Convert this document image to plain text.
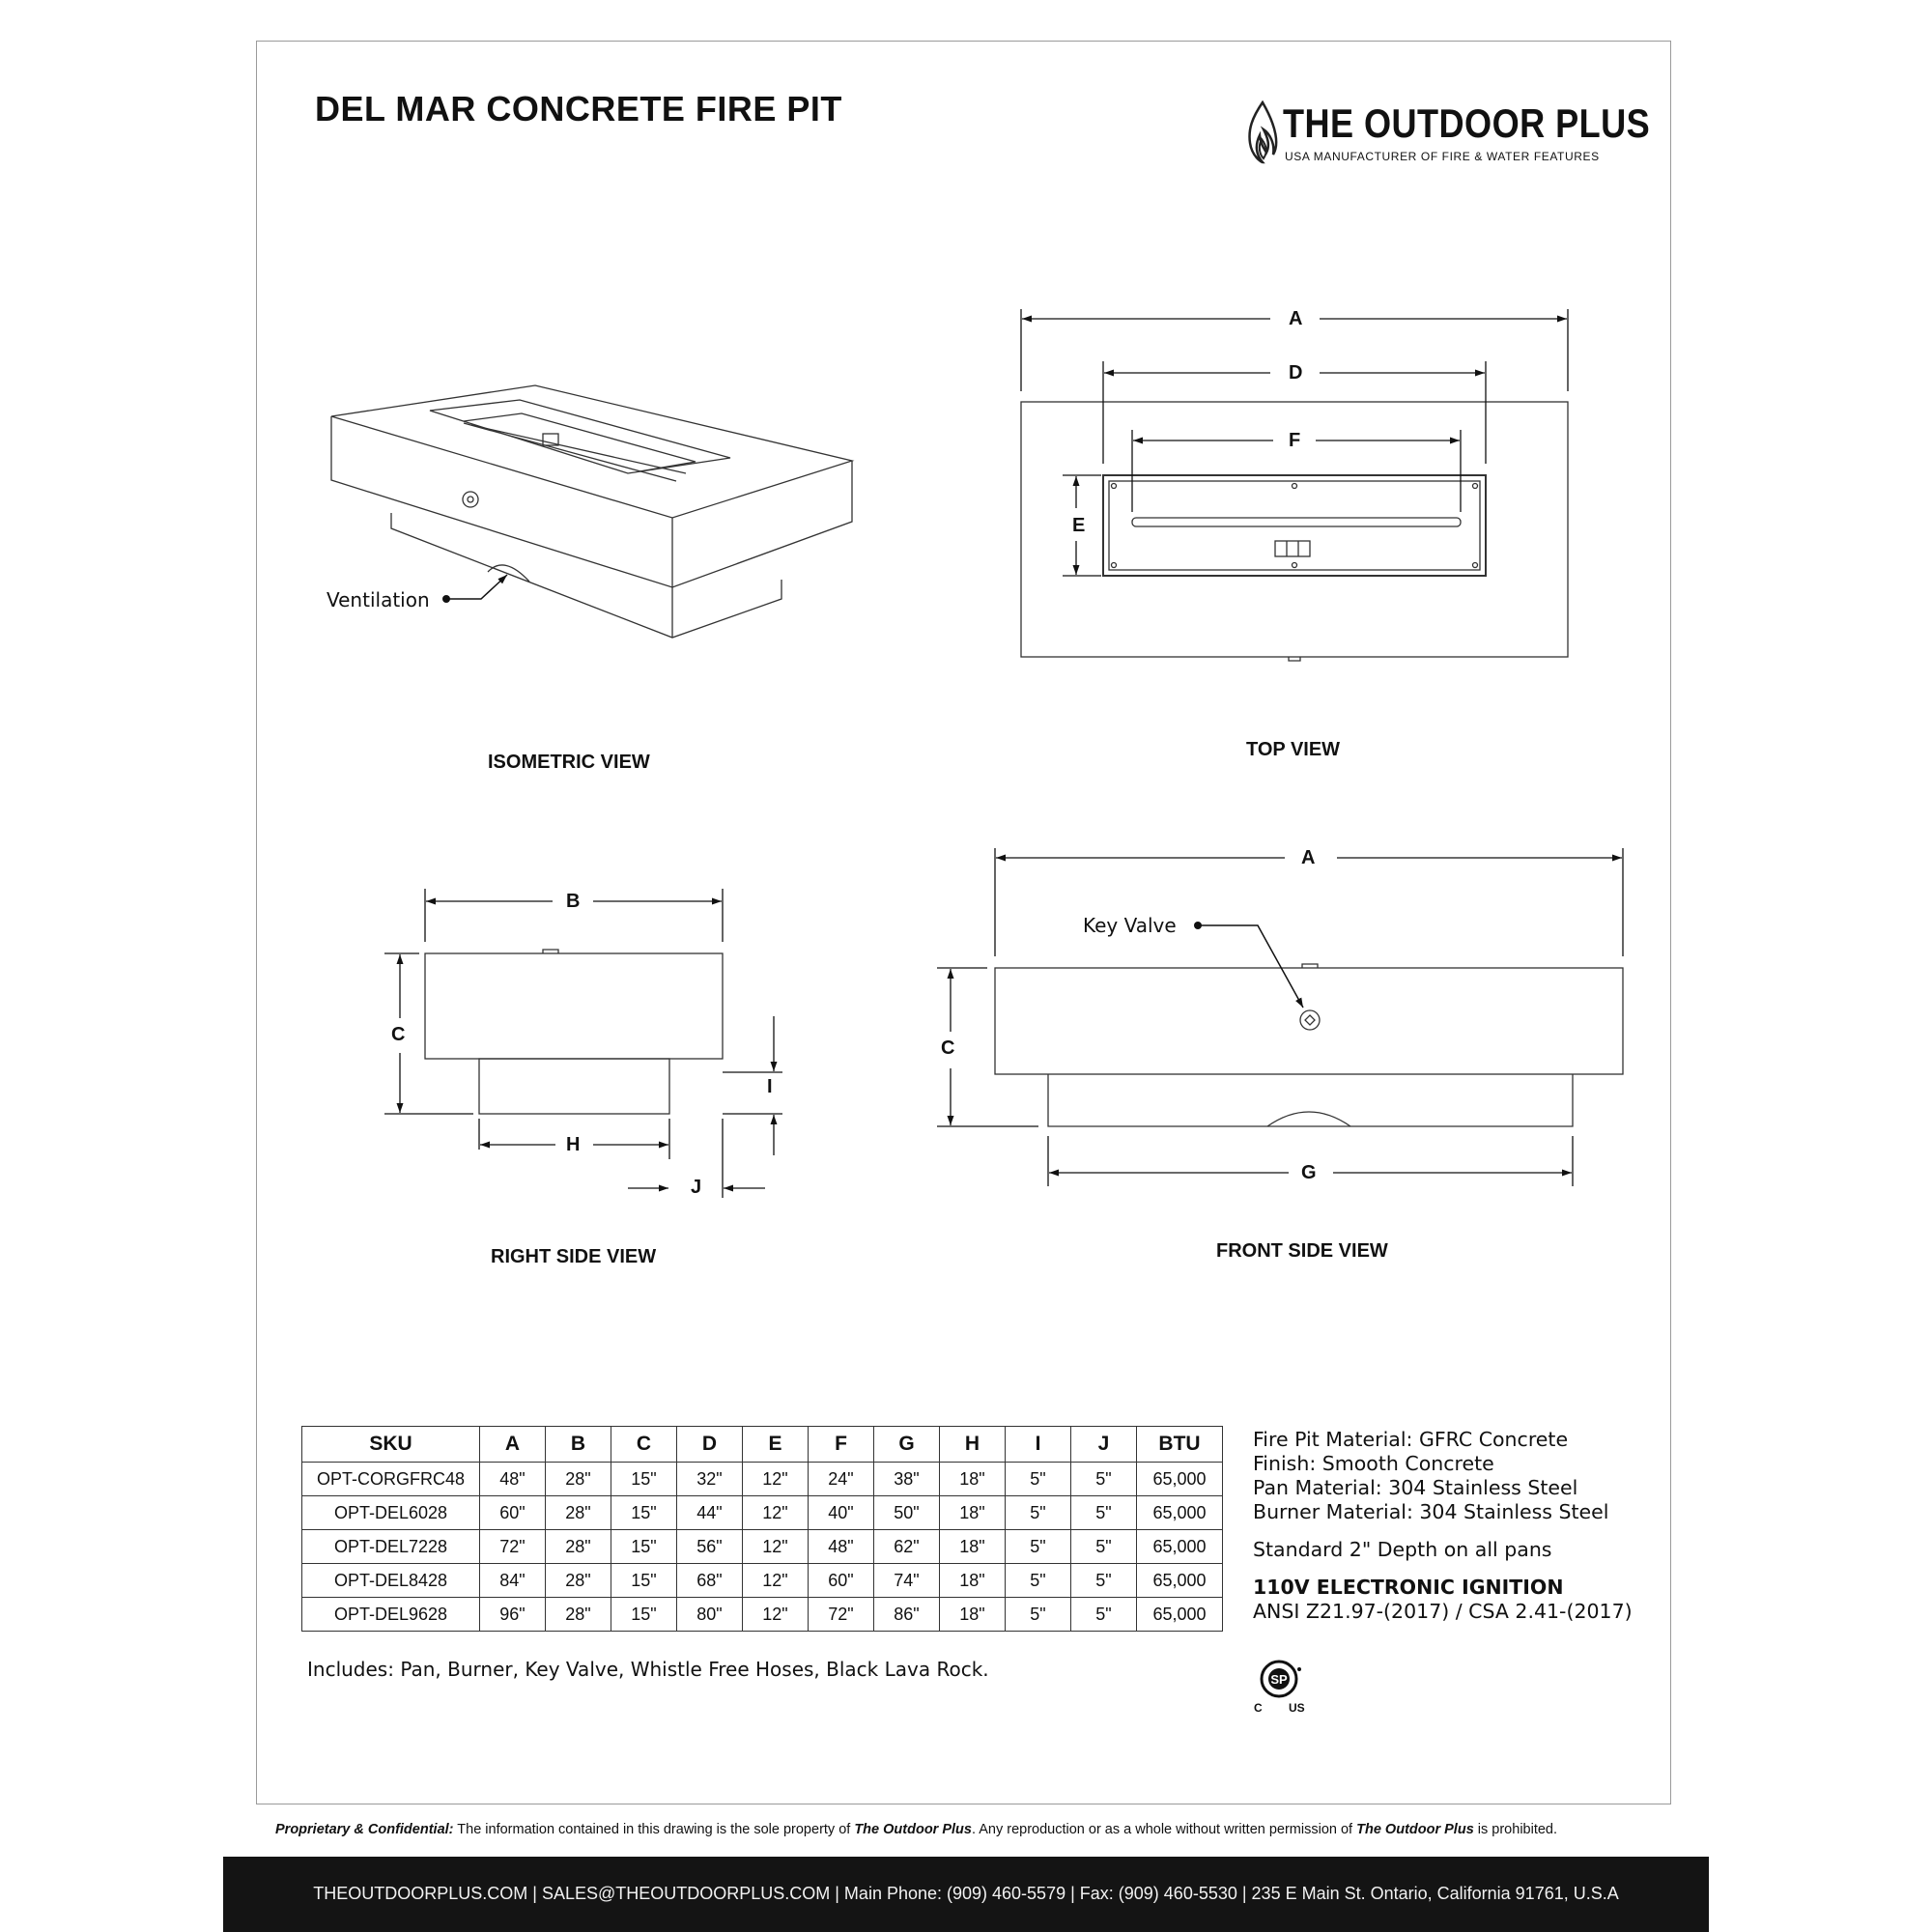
DEL MAR CONCRETE FIRE PIT	THE OUTDOOR PLUS
USA MANUFACTURER OF FIRE & WATER FEATURES
Ventilation
Key Valve
A
D
F
E
B
C
I
H
J
A
C
G
ISOMETRIC VIEW
TOP VIEW
RIGHT SIDE VIEW	FRONT SIDE VIEW
SKU	A	B	C	D	E	F	G	H	I	J	BTU
OPT-CORGFRC48	48"	28"	15"	32"	12"	24"	38"	18"	5"	5"	65,000
OPT-DEL6028	60"	28"	15"	44"	12"	40"	50"	18"	5"	5"	65,000
OPT-DEL7228	72"	28"	15"	56"	12"	48"	62"	18"	5"	5"	65,000
OPT-DEL8428	84"	28"	15"	68"	12"	60"	74"	18"	5"	5"	65,000
OPT-DEL9628	96"	28"	15"	80"	12"	72"	86"	18"	5"	5"	65,000
Includes: Pan, Burner, Key Valve, Whistle Free Hoses, Black Lava Rock.
Fire Pit Material: GFRC Concrete
Finish: Smooth Concrete
Pan Material: 304 Stainless Steel
Burner Material: 304 Stainless Steel
Standard 2" Depth on all pans
110V ELECTRONIC IGNITION
ANSI Z21.97-(2017) / CSA 2.41-(2017)
SP
C US
Proprietary & Confidential: The information contained in this drawing is the sole property of The Outdoor Plus. Any reproduction or as a whole without written permission of The Outdoor Plus is prohibited.
THEOUTDOORPLUS.COM | SALES@THEOUTDOORPLUS.COM | Main Phone: (909) 460-5579 | Fax: (909) 460-5530 | 235 E Main St. Ontario, California 91761, U.S.A
